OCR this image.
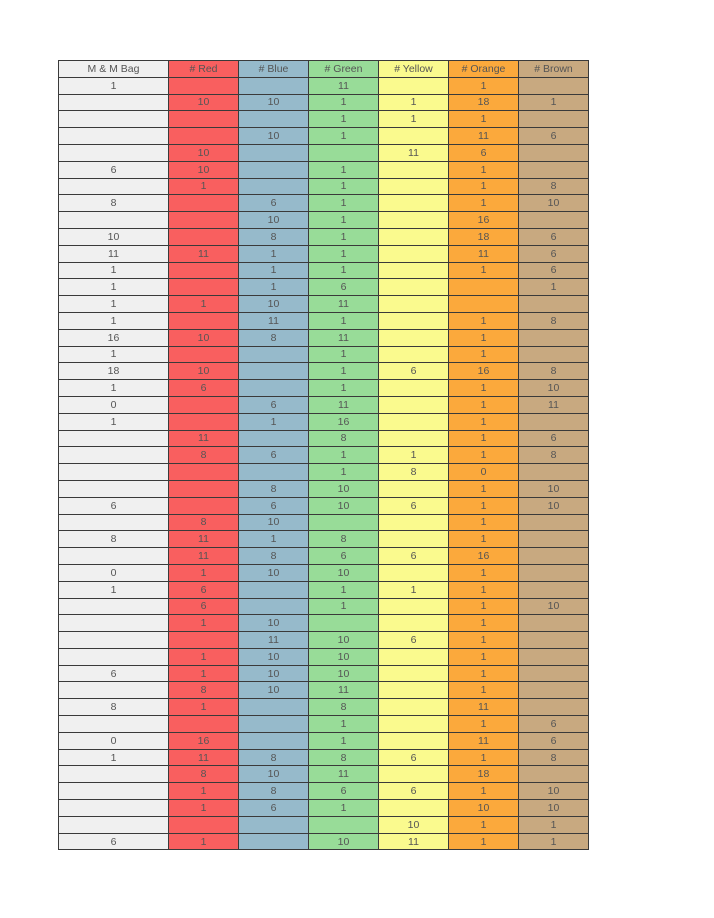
M & M Bag	# Red	# Blue	# Green	# Yellow	# Orange	# Brown
1			11		1	
	10	10	1	1	18	1
			1	1	1	
		10	1		11	6
	10			11	6	
6	10		1		1	
	1		1		1	8
8		6	1		1	10
		10	1		16	
10		8	1		18	6
11	11	1	1		11	6
1		1	1		1	6
1		1	6			1
1	1	10	11			
1		11	1		1	8
16	10	8	11		1	
1			1		1	
18	10		1	6	16	8
1	6		1		1	10
0		6	11		1	11
1		1	16		1	
	11		8		1	6
	8	6	1	1	1	8
			1	8	0	
		8	10		1	10
6		6	10	6	1	10
	8	10			1	
8	11	1	8		1	
	11	8	6	6	16	
0	1	10	10		1	
1	6		1	1	1	
	6		1		1	10
	1	10			1	
		11	10	6	1	
	1	10	10		1	
6	1	10	10		1	
	8	10	11		1	
8	1		8		11	
			1		1	6
0	16		1		11	6
1	11	8	8	6	1	8
	8	10	11		18	
	1	8	6	6	1	10
	1	6	1		10	10
				10	1	1
6	1		10	11	1	1
